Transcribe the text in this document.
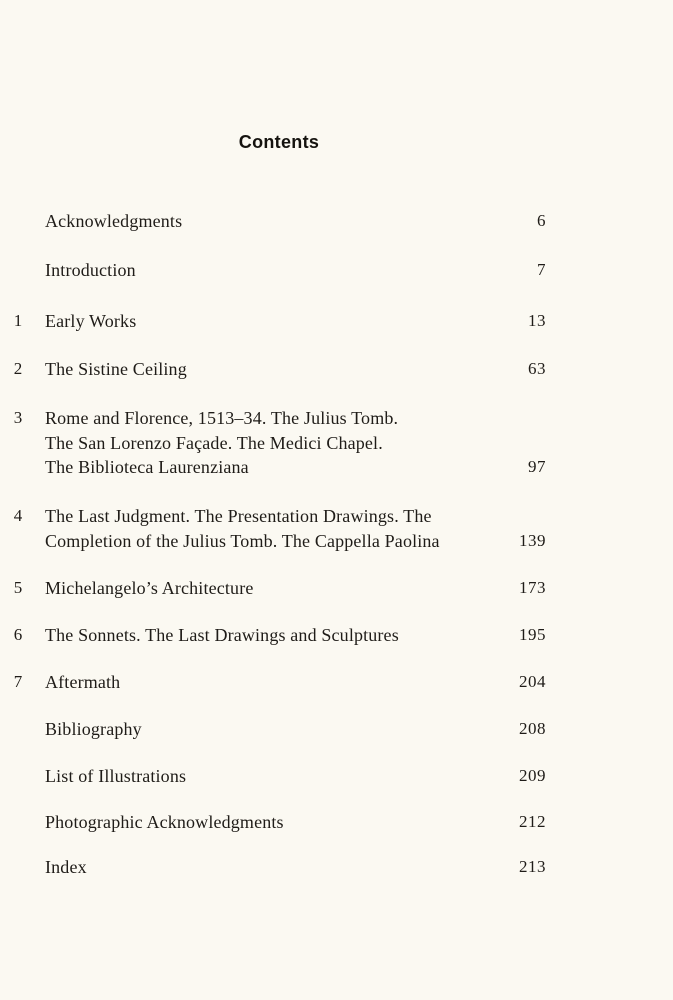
Contents
Acknowledgments	6
Introduction	7
1 Early Works	13
2 The Sistine Ceiling	63
3 Rome and Florence, 1513–34. The Julius Tomb.
The San Lorenzo Façade. The Medici Chapel.
The Biblioteca Laurenziana	97
4 The Last Judgment. The Presentation Drawings. The
Completion of the Julius Tomb. The Cappella Paolina	139
5 Michelangelo’s Architecture	173
6 The Sonnets. The Last Drawings and Sculptures	195
7 Aftermath	204
Bibliography	208
List of Illustrations	209
Photographic Acknowledgments	212
Index	213
